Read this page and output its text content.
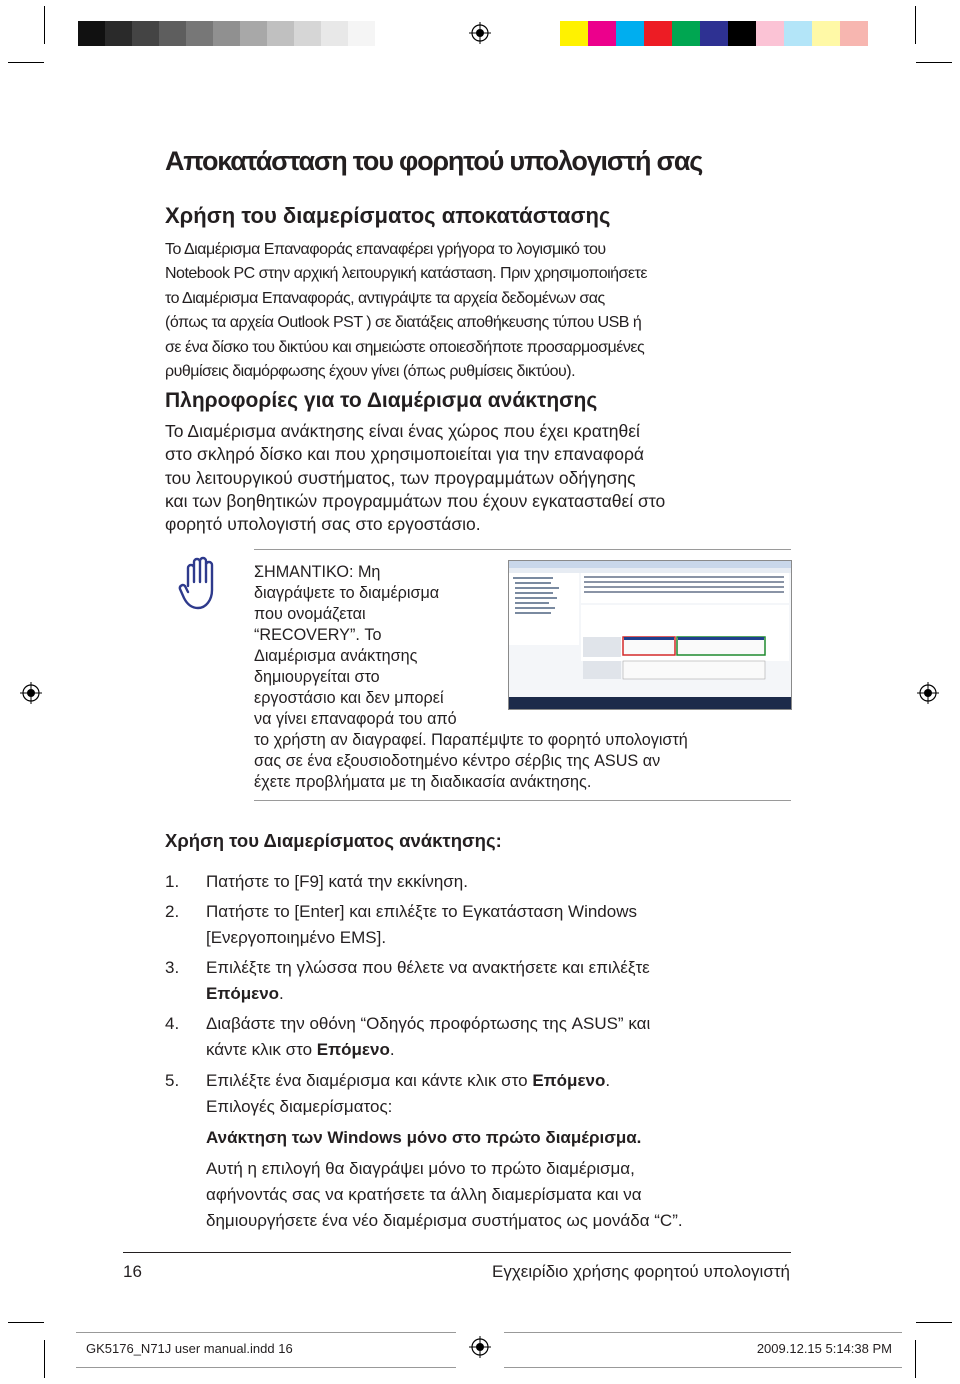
Αποκατάσταση του φορητού υπολογιστή σας
Χρήση του διαμερίσματος αποκατάστασης
Το Διαμέρισμα Επαναφοράς επαναφέρει γρήγορα το λογισμικό του
Notebook PC στην αρχική λειτουργική κατάσταση. Πριν χρησιμοποιήσετε
το Διαμέρισμα Επαναφοράς, αντιγράψτε τα αρχεία δεδομένων σας
(όπως τα αρχεία Outlook PST ) σε διατάξεις αποθήκευσης τύπου USB ή
σε ένα δίσκο του δικτύου και σημειώστε οποιεσδήποτε προσαρμοσμένες
ρυθμίσεις διαμόρφωσης έχουν γίνει (όπως ρυθμίσεις δικτύου).
Πληροφορίες για το Διαμέρισμα ανάκτησης
Το Διαμέρισμα ανάκτησης είναι ένας χώρος που έχει κρατηθεί
στο σκληρό δίσκο και που χρησιμοποιείται για την επαναφορά
του λειτουργικού συστήματος, των προγραμμάτων οδήγησης
και των βοηθητικών προγραμμάτων που έχουν εγκατασταθεί στο
φορητό υπολογιστή σας στο εργοστάσιο.
ΣΗΜΑΝΤΙΚΟ: Μη
διαγράψετε το διαμέρισμα
που ονομάζεται
“RECOVERY”. Το
Διαμέρισμα ανάκτησης
δημιουργείται στο
εργοστάσιο και δεν μπορεί
να γίνει επαναφορά του από
το χρήστη αν διαγραφεί. Παραπέμψτε το φορητό υπολογιστή
σας σε ένα εξουσιοδοτημένο κέντρο σέρβις της ASUS αν
έχετε προβλήματα με τη διαδικασία ανάκτησης.
Χρήση του Διαμερίσματος ανάκτησης:
1. Πατήστε το [F9] κατά την εκκίνηση.
2. Πατήστε το [Enter] και επιλέξτε το Εγκατάσταση Windows
[Ενεργοποιημένο EMS].
3. Επιλέξτε τη γλώσσα που θέλετε να ανακτήσετε και επιλέξτε
Επόμενο.
4. Διαβάστε την οθόνη “Οδηγός προφόρτωσης της ASUS” και
κάντε κλικ στο Επόμενο.
5. Επιλέξτε ένα διαμέρισμα και κάντε κλικ στο Επόμενο.
Επιλογές διαμερίσματος:
Ανάκτηση των Windows μόνο στο πρώτο διαμέρισμα.
Αυτή η επιλογή θα διαγράψει μόνο το πρώτο διαμέρισμα,
αφήνοντάς σας να κρατήσετε τα άλλη διαμερίσματα και να
δημιουργήσετε ένα νέο διαμέρισμα συστήματος ως μονάδα “C”.
16	Εγχειρίδιο χρήσης φορητού υπολογιστή
GK5176_N71J user manual.indd 16	2009.12.15 5:14:38 PM
